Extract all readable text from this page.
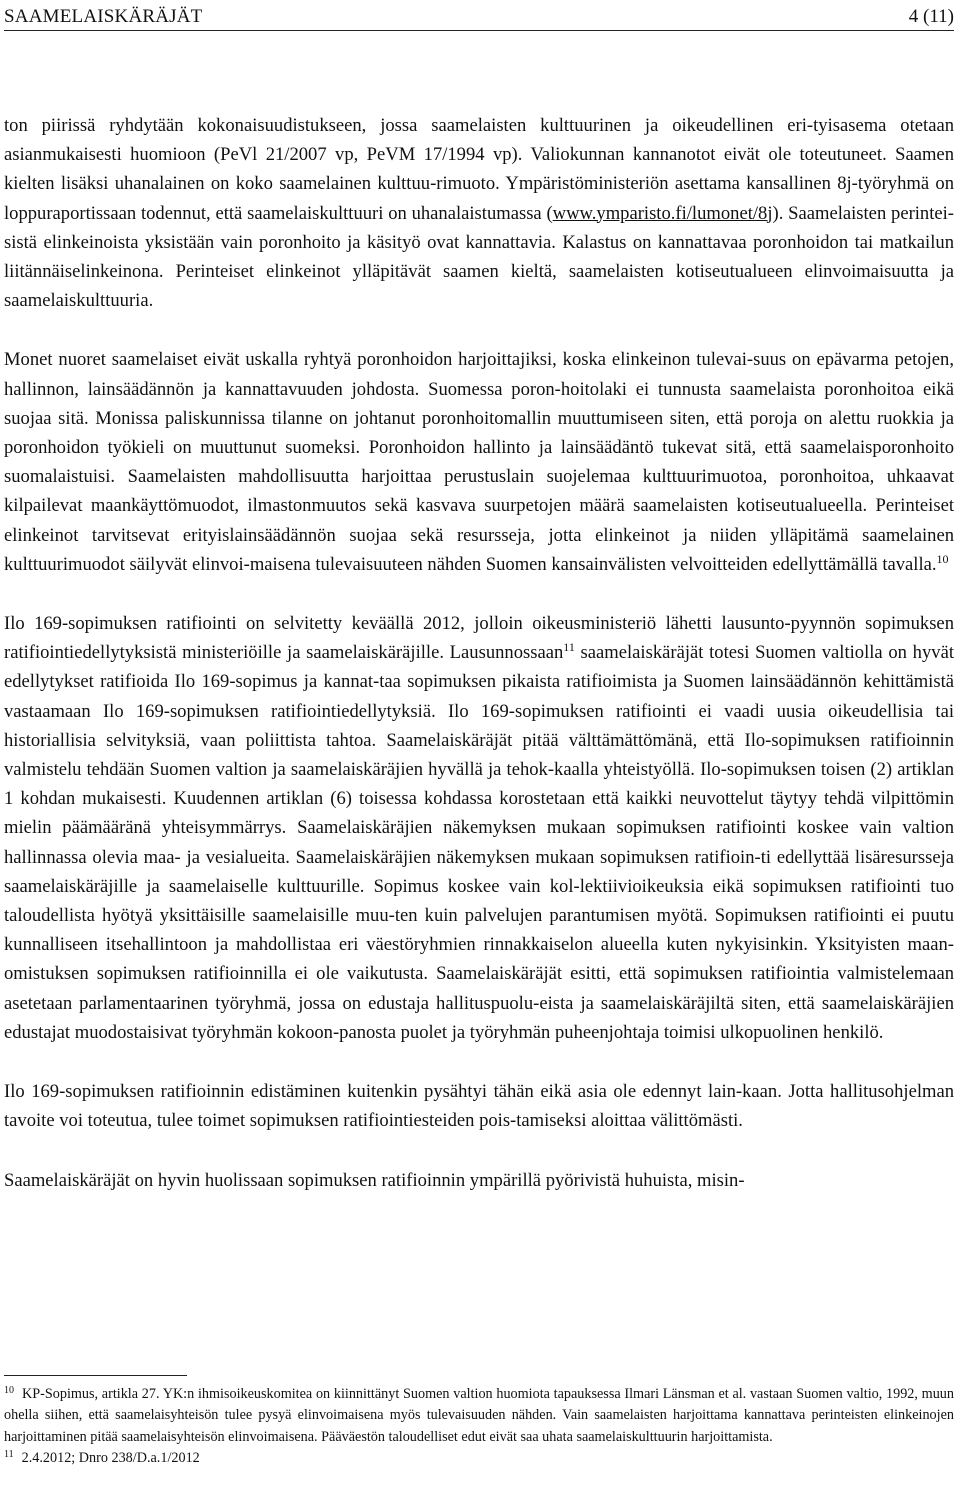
SAAMELAISKÄRÄJÄT	4 (11)

ton piirissä ryhdytään kokonaisuudistukseen, jossa saamelaisten kulttuurinen ja oikeudellinen eri-tyisasema otetaan asianmukaisesti huomioon (PeVl 21/2007 vp, PeVM 17/1994 vp). Valiokunnan kannanotot eivät ole toteutuneet. Saamen kielten lisäksi uhanalainen on koko saamelainen kulttuu-rimuoto. Ympäristöministeriön asettama kansallinen 8j-työryhmä on loppuraportissaan todennut, että saamelaiskulttuuri on uhanalaistumassa (www.ymparisto.fi/lumonet/8j). Saamelaisten perintei-sistä elinkeinoista yksistään vain poronhoito ja käsityö ovat kannattavia. Kalastus on kannattavaa poronhoidon tai matkailun liitännäiselinkeinona. Perinteiset elinkeinot ylläpitävät saamen kieltä, saamelaisten kotiseutualueen elinvoimaisuutta ja saamelaiskulttuuria.

Monet nuoret saamelaiset eivät uskalla ryhtyä poronhoidon harjoittajiksi, koska elinkeinon tulevai-suus on epävarma petojen, hallinnon, lainsäädännön ja kannattavuuden johdosta. Suomessa poron-hoitolaki ei tunnusta saamelaista poronhoitoa eikä suojaa sitä. Monissa paliskunnissa tilanne on johtanut poronhoitomallin muuttumiseen siten, että poroja on alettu ruokkia ja poronhoidon työkieli on muuttunut suomeksi. Poronhoidon hallinto ja lainsäädäntö tukevat sitä, että saamelaisporonhoito suomalaistuisi. Saamelaisten mahdollisuutta harjoittaa perustuslain suojelemaa kulttuurimuotoa, poronhoitoa, uhkaavat kilpailevat maankäyttömuodot, ilmastonmuutos sekä kasvava suurpetojen määrä saamelaisten kotiseutualueella. Perinteiset elinkeinot tarvitsevat erityislainsäädännön suojaa sekä resursseja, jotta elinkeinot ja niiden ylläpitämä saamelainen kulttuurimuodot säilyvät elinvoi-maisena tulevaisuuteen nähden Suomen kansainvälisten velvoitteiden edellyttämällä tavalla.$^{10}$

Ilo 169-sopimuksen ratifiointi on selvitetty keväällä 2012, jolloin oikeusministeriö lähetti lausunto-pyynnön sopimuksen ratifiointiedellytyksistä ministeriöille ja saamelaiskäräjille. Lausunnossaan$^{11}$ saamelaiskäräjät totesi Suomen valtiolla on hyvät edellytykset ratifioida Ilo 169-sopimus ja kannat-taa sopimuksen pikaista ratifioimista ja Suomen lainsäädännön kehittämistä vastaamaan Ilo 169-sopimuksen ratifiointiedellytyksiä. Ilo 169-sopimuksen ratifiointi ei vaadi uusia oikeudellisia tai historiallisia selvityksiä, vaan poliittista tahtoa. Saamelaiskäräjät pitää välttämättömänä, että Ilo-sopimuksen ratifioinnin valmistelu tehdään Suomen valtion ja saamelaiskäräjien hyvällä ja tehok-kaalla yhteistyöllä. Ilo-sopimuksen toisen (2) artiklan 1 kohdan mukaisesti. Kuudennen artiklan (6) toisessa kohdassa korostetaan että kaikki neuvottelut täytyy tehdä vilpittömin mielin päämääränä yhteisymmärrys. Saamelaiskäräjien näkemyksen mukaan sopimuksen ratifiointi koskee vain valtion hallinnassa olevia maa- ja vesialueita. Saamelaiskäräjien näkemyksen mukaan sopimuksen ratifioin-ti edellyttää lisäresursseja saamelaiskäräjille ja saamelaiselle kulttuurille. Sopimus koskee vain kol-lektiivioikeuksia eikä sopimuksen ratifiointi tuo taloudellista hyötyä yksittäisille saamelaisille muu-ten kuin palvelujen parantumisen myötä. Sopimuksen ratifiointi ei puutu kunnalliseen itsehallintoon ja mahdollistaa eri väestöryhmien rinnakkaiselon alueella kuten nykyisinkin. Yksityisten maan-omistuksen sopimuksen ratifioinnilla ei ole vaikutusta. Saamelaiskäräjät esitti, että sopimuksen ratifiointia valmistelemaan asetetaan parlamentaarinen työryhmä, jossa on edustaja hallituspuolu-eista ja saamelaiskäräjiltä siten, että saamelaiskäräjien edustajat muodostaisivat työryhmän kokoon-panosta puolet ja työryhmän puheenjohtaja toimisi ulkopuolinen henkilö.

Ilo 169-sopimuksen ratifioinnin edistäminen kuitenkin pysähtyi tähän eikä asia ole edennyt lain-kaan. Jotta hallitusohjelman tavoite voi toteutua, tulee toimet sopimuksen ratifiointiesteiden pois-tamiseksi aloittaa välittömästi.

Saamelaiskäräjät on hyvin huolissaan sopimuksen ratifioinnin ympärillä pyörivistä huhuista, misin-

$^{10}$ KP-Sopimus, artikla 27. YK:n ihmisoikeuskomitea on kiinnittänyt Suomen valtion huomiota tapauksessa Ilmari Länsman et al. vastaan Suomen valtio, 1992, muun ohella siihen, että saamelaisyhteisön tulee pysyä elinvoimaisena myös tulevaisuuden nähden. Vain saamelaisten harjoittama kannattava perinteisten elinkeinojen harjoittaminen pitää saamelaisyhteisön elinvoimaisena. Pääväestön taloudelliset edut eivät saa uhata saamelaiskulttuurin harjoittamista.

$^{11}$ 2.4.2012; Dnro 238/D.a.1/2012
